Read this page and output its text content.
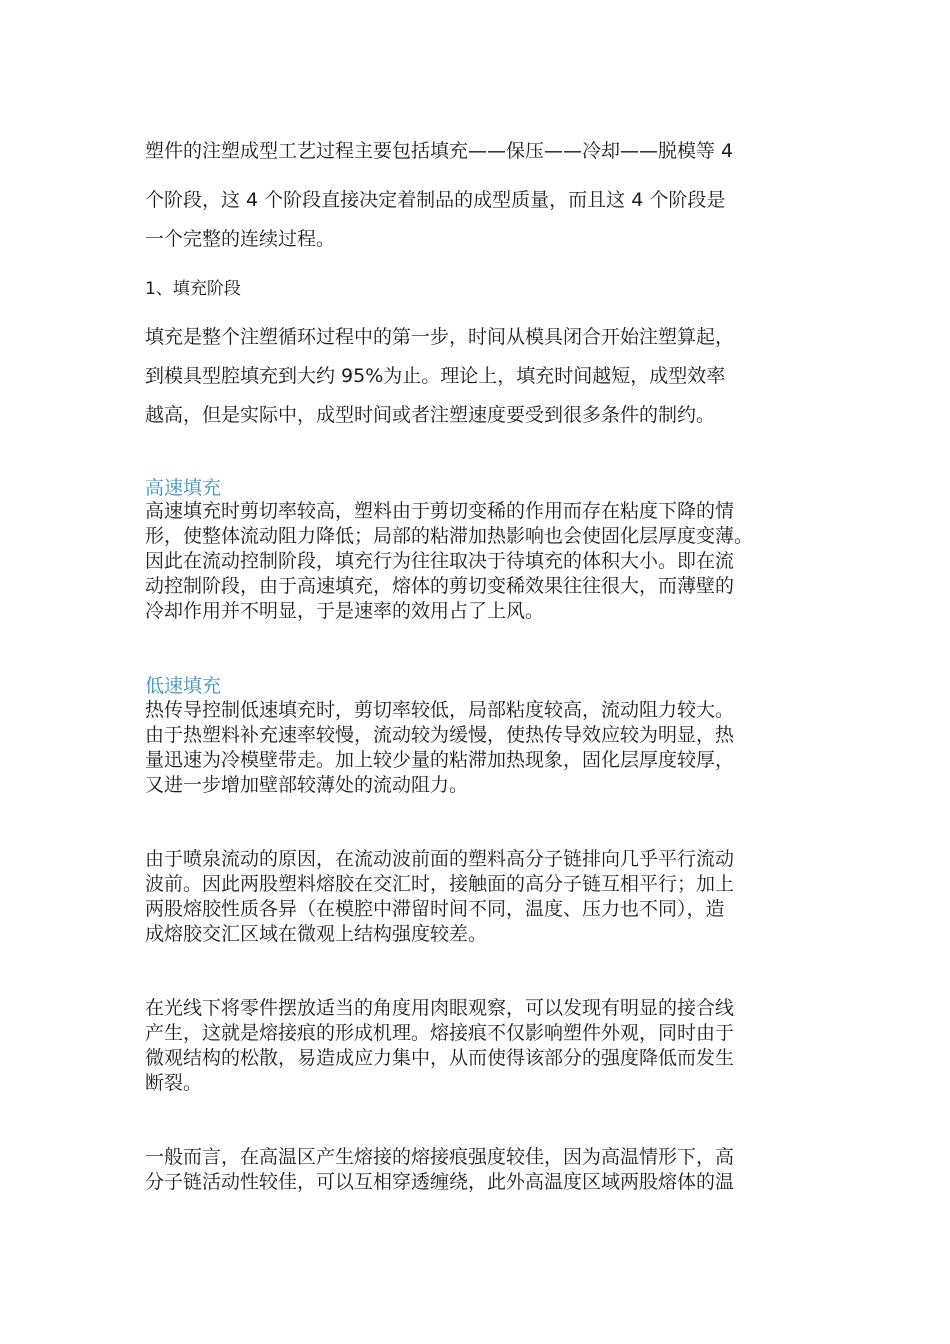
塑件的注塑成型工艺过程主要包括填充——保压——冷却——脱模等 4
个阶段，这 4 个阶段直接决定着制品的成型质量，而且这 4 个阶段是
一个完整的连续过程。
1、填充阶段
填充是整个注塑循环过程中的第一步，时间从模具闭合开始注塑算起，
到模具型腔填充到大约 95%为止。理论上，填充时间越短，成型效率
越高，但是实际中，成型时间或者注塑速度要受到很多条件的制约。
高速填充
高速填充时剪切率较高，塑料由于剪切变稀的作用而存在粘度下降的情
形，使整体流动阻力降低；局部的粘滞加热影响也会使固化层厚度变薄。
因此在流动控制阶段，填充行为往往取决于待填充的体积大小。即在流
动控制阶段，由于高速填充，熔体的剪切变稀效果往往很大，而薄壁的
冷却作用并不明显，于是速率的效用占了上风。
低速填充
热传导控制低速填充时，剪切率较低，局部粘度较高，流动阻力较大。
由于热塑料补充速率较慢，流动较为缓慢，使热传导效应较为明显，热
量迅速为冷模壁带走。加上较少量的粘滞加热现象，固化层厚度较厚，
又进一步增加壁部较薄处的流动阻力。
由于喷泉流动的原因，在流动波前面的塑料高分子链排向几乎平行流动
波前。因此两股塑料熔胶在交汇时，接触面的高分子链互相平行；加上
两股熔胶性质各异（在模腔中滞留时间不同，温度、压力也不同），造
成熔胶交汇区域在微观上结构强度较差。
在光线下将零件摆放适当的角度用肉眼观察，可以发现有明显的接合线
产生，这就是熔接痕的形成机理。熔接痕不仅影响塑件外观，同时由于
微观结构的松散，易造成应力集中，从而使得该部分的强度降低而发生
断裂。
一般而言，在高温区产生熔接的熔接痕强度较佳，因为高温情形下，高
分子链活动性较佳，可以互相穿透缠绕，此外高温度区域两股熔体的温
